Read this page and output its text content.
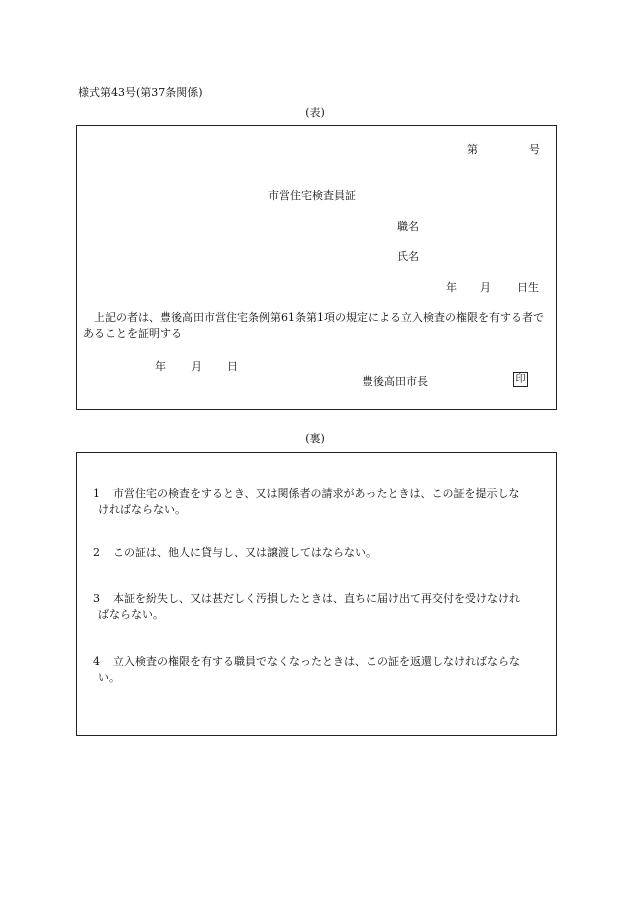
様式第43号(第37条関係)
(表)
第	号
市営住宅検査員証
職名
氏名
年 月 日生
上記の者は、豊後高田市営住宅条例第61条第1項の規定による立入検査の権限を有する者であることを証明する
年 月 日
豊後高田市長	印
(裏)
1 市営住宅の検査をするとき、又は関係者の請求があったときは、この証を提示しな
ければならない。
2 この証は、他人に貸与し、又は譲渡してはならない。
3 本証を紛失し、又は甚だしく汚損したときは、直ちに届け出て再交付を受けなけれ
ばならない。
4 立入検査の権限を有する職員でなくなったときは、この証を返還しなければならな
い。
